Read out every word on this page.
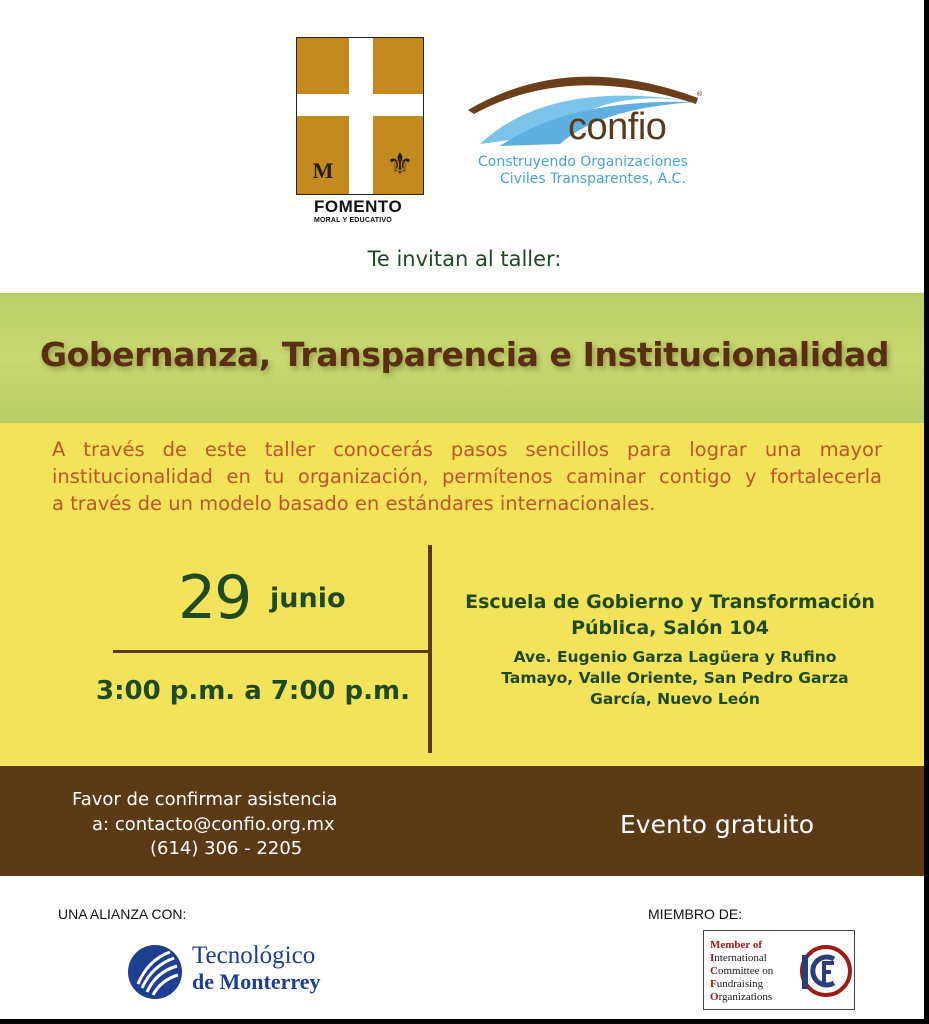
M ⚜
FOMENTO
MORAL Y EDUCATIVO
confio
®
Construyendo Organizaciones
Civiles Transparentes, A.C.
Te invitan al taller:
Gobernanza, Transparencia e Institucionalidad
A través de este taller conocerás pasos sencillos para lograr una mayor
institucionalidad en tu organización, permítenos caminar contigo y fortalecerla
a través de un modelo basado en estándares internacionales.
29 junio
3:00 p.m. a 7:00 p.m.
Escuela de Gobierno y Transformación
Pública, Salón 104
Ave. Eugenio Garza Lagüera y Rufino
Tamayo, Valle Oriente, San Pedro Garza
García, Nuevo León
Favor de confirmar asistencia
a: contacto@confio.org.mx
(614) 306 - 2205
Evento gratuito
UNA ALIANZA CON:	MIEMBRO DE:
Tecnológico
de Monterrey
Member of
International
Committee on
Fundraising
Organizations
